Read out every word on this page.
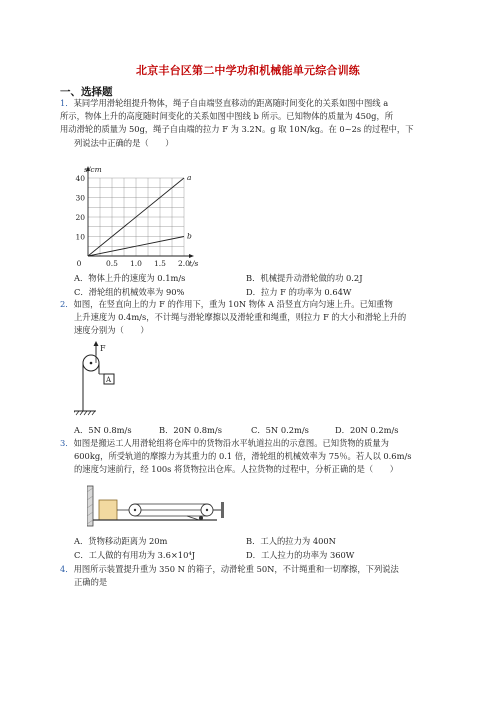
北京丰台区第二中学功和机械能单元综合训练
一、选择题
1．某同学用滑轮组提升物体，绳子自由端竖直移动的距离随时间变化的关系如图中图线 a
所示，物体上升的高度随时间变化的关系如图中图线 b 所示。已知物体的质量为 450g，所
用动滑轮的质量为 50g，绳子自由端的拉力 F 为 3.2N。g 取 10N/kg。在 0~2s 的过程中，下
列说法中正确的是（　　）
10
20
30
40
0	0.5 1.0 1.5 2.0
s/cm
t/s
a
b
A．物体上升的速度为 0.1m/s	B．机械提升动滑轮做的功 0.2J
C．滑轮组的机械效率为 90%	D．拉力 F 的功率为 0.64W
2．如图，在竖直向上的力 F 的作用下，重为 10N 物体 A 沿竖直方向匀速上升。已知重物
上升速度为 0.4m/s，不计绳与滑轮摩擦以及滑轮重和绳重，则拉力 F 的大小和滑轮上升的
速度分别为（　　）
F
A
A．5N 0.8m/s	B．20N 0.8m/s	C．5N 0.2m/s	D．20N 0.2m/s
3．如图是搬运工人用滑轮组将仓库中的货物沿水平轨道拉出的示意图。已知货物的质量为
600kg，所受轨道的摩擦力为其重力的 0.1 倍，滑轮组的机械效率为 75％。若人以 0.6m/s
的速度匀速前行，经 100s 将货物拉出仓库。人拉货物的过程中，分析正确的是（　　）
A．货物移动距离为 20m	B．工人的拉力为 400N
C．工人做的有用功为 3.6×10⁴J	D．工人拉力的功率为 360W
4．用图所示装置提升重为 350 N 的箱子，动滑轮重 50N，不计绳重和一切摩擦，下列说法
正确的是
